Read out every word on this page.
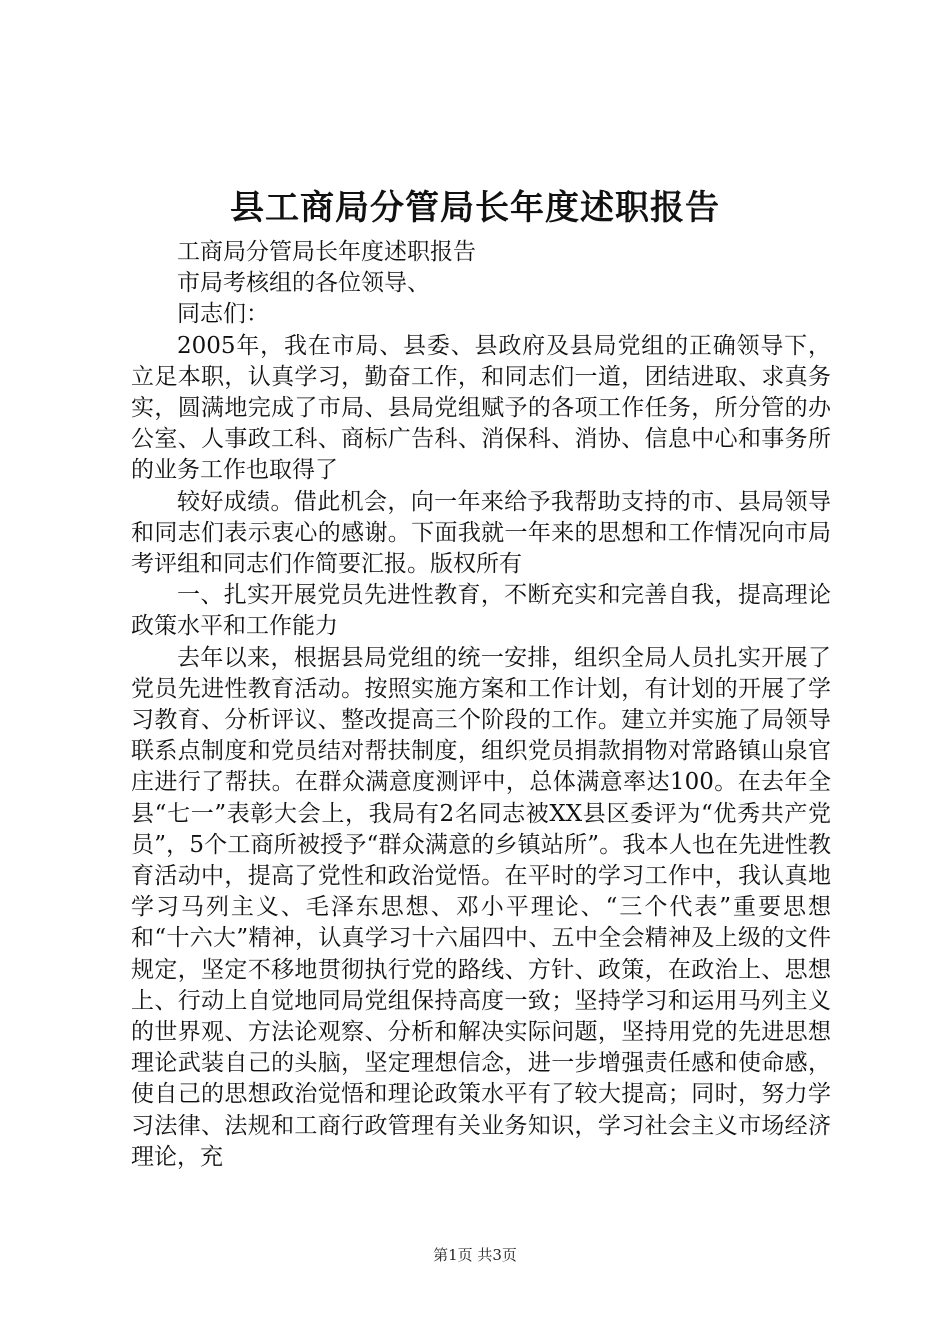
县工商局分管局长年度述职报告

工商局分管局长年度述职报告

市局考核组的各位领导、

同志们：

2005年，我在市局、县委、县政府及县局党组的正确领导下，立足本职，认真学习，勤奋工作，和同志们一道，团结进取、求真务实，圆满地完成了市局、县局党组赋予的各项工作任务，所分管的办公室、人事政工科、商标广告科、消保科、消协、信息中心和事务所的业务工作也取得了

较好成绩。借此机会，向一年来给予我帮助支持的市、县局领导和同志们表示衷心的感谢。下面我就一年来的思想和工作情况向市局考评组和同志们作简要汇报。版权所有

一、扎实开展党员先进性教育，不断充实和完善自我，提高理论政策水平和工作能力

去年以来，根据县局党组的统一安排，组织全局人员扎实开展了党员先进性教育活动。按照实施方案和工作计划，有计划的开展了学习教育、分析评议、整改提高三个阶段的工作。建立并实施了局领导联系点制度和党员结对帮扶制度，组织党员捐款捐物对常路镇山泉官庄进行了帮扶。在群众满意度测评中，总体满意率达100。在去年全县“七一”表彰大会上，我局有2名同志被XX县区委评为“优秀共产党员”，5个工商所被授予“群众满意的乡镇站所”。我本人也在先进性教育活动中，提高了党性和政治觉悟。在平时的学习工作中，我认真地学习马列主义、毛泽东思想、邓小平理论、“三个代表”重要思想和“十六大”精神，认真学习十六届四中、五中全会精神及上级的文件规定，坚定不移地贯彻执行党的路线、方针、政策，在政治上、思想上、行动上自觉地同局党组保持高度一致；坚持学习和运用马列主义的世界观、方法论观察、分析和解决实际问题，坚持用党的先进思想理论武装自己的头脑，坚定理想信念，进一步增强责任感和使命感，使自己的思想政治觉悟和理论政策水平有了较大提高；同时，努力学习法律、法规和工商行政管理有关业务知识，学习社会主义市场经济理论，充

第1页 共3页
